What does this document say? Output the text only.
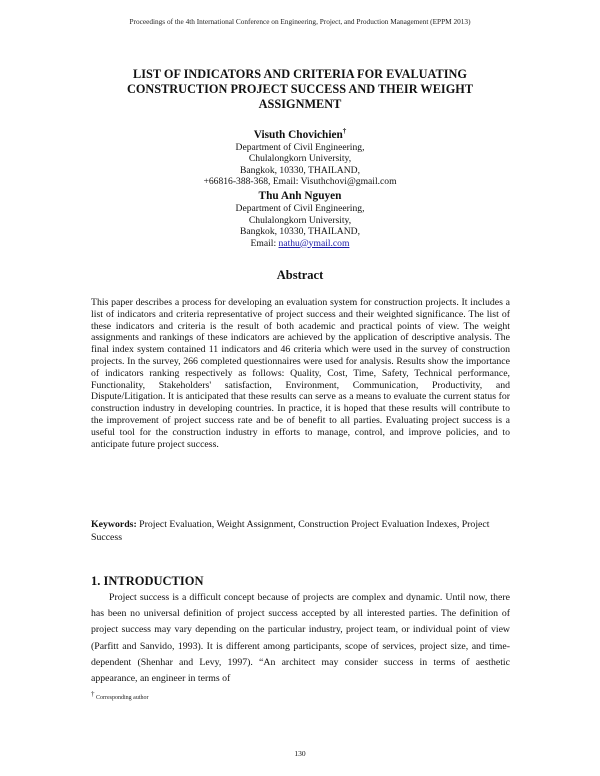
Proceedings of the 4th International Conference on Engineering, Project, and Production Management (EPPM 2013)
LIST OF INDICATORS AND CRITERIA FOR EVALUATING
CONSTRUCTION PROJECT SUCCESS AND THEIR WEIGHT
ASSIGNMENT
Visuth Chovichien†
Department of Civil Engineering,
Chulalongkorn University,
Bangkok, 10330, THAILAND,
+66816-388-368, Email: Visuthchovi@gmail.com
Thu Anh Nguyen
Department of Civil Engineering,
Chulalongkorn University,
Bangkok, 10330, THAILAND,
Email: nathu@ymail.com
Abstract

This paper describes a process for developing an evaluation system for construction projects. It includes a list of indicators and criteria representative of project success and their weighted significance. The list of these indicators and criteria is the result of both academic and practical points of view. The weight assignments and rankings of these indicators are achieved by the application of descriptive analysis. The final index system contained 11 indicators and 46 criteria which were used in the survey of construction projects. In the survey, 266 completed questionnaires were used for analysis. Results show the importance of indicators ranking respectively as follows: Quality, Cost, Time, Safety, Technical performance, Functionality, Stakeholders' satisfaction, Environment, Communication, Productivity, and Dispute/Litigation. It is anticipated that these results can serve as a means to evaluate the current status for construction industry in developing countries. In practice, it is hoped that these results will contribute to the improvement of project success rate and be of benefit to all parties. Evaluating project success is a useful tool for the construction industry in efforts to manage, control, and improve policies, and to anticipate future project success.

Keywords: Project Evaluation, Weight Assignment, Construction Project Evaluation Indexes, Project Success
1. INTRODUCTION

Project success is a difficult concept because of projects are complex and dynamic. Until now, there has been no universal definition of project success accepted by all interested parties. The definition of project success may vary depending on the particular industry, project team, or individual point of view (Parfitt and Sanvido, 1993). It is different among participants, scope of services, project size, and time-dependent (Shenhar and Levy, 1997). “An architect may consider success in terms of aesthetic appearance, an engineer in terms of

† Corresponding author
130
